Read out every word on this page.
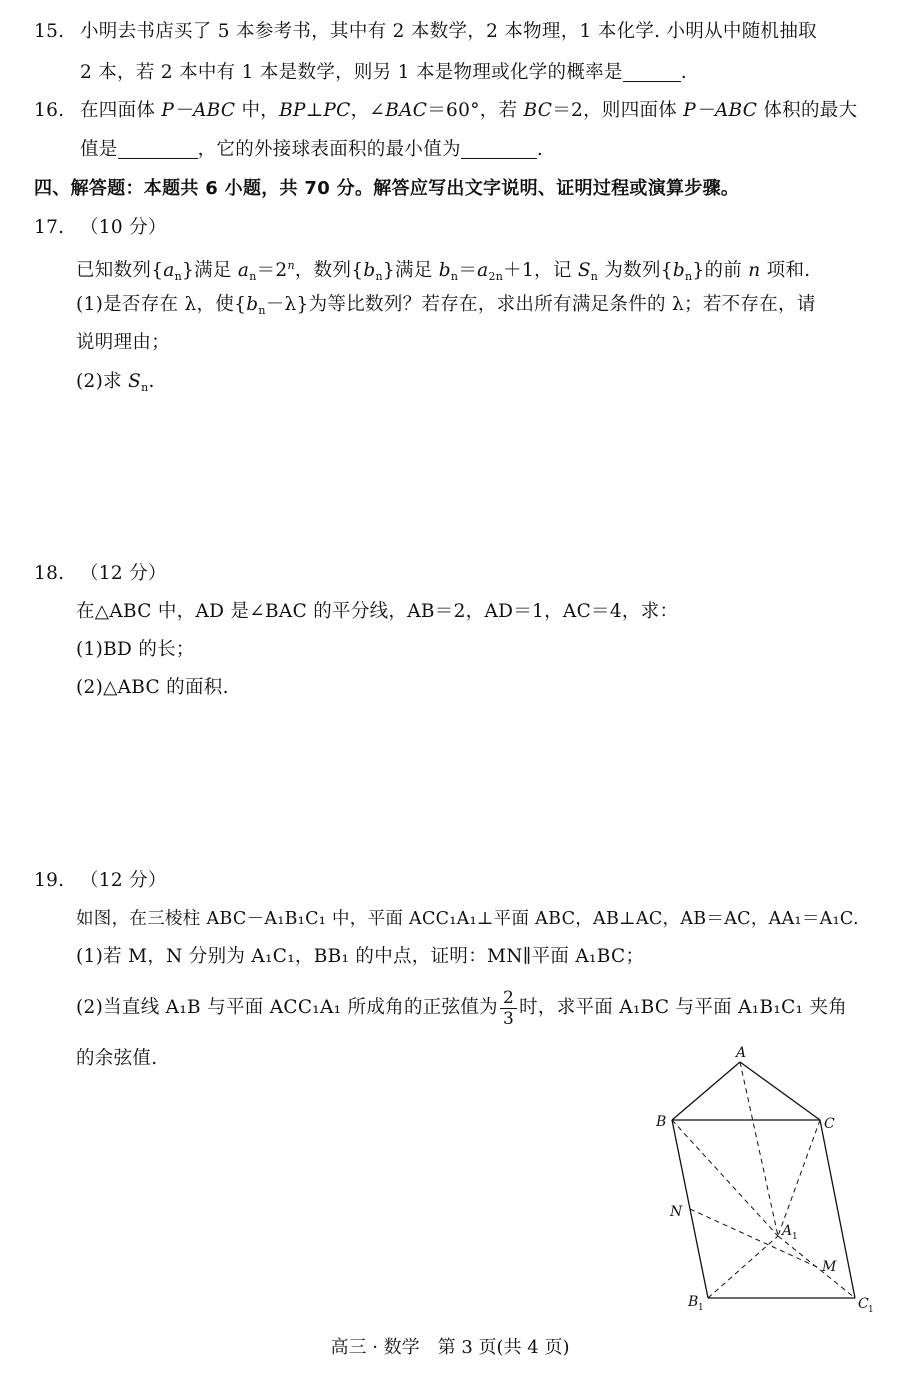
15. 小明去书店买了 5 本参考书，其中有 2 本数学，2 本物理，1 本化学. 小明从中随机抽取
2 本，若 2 本中有 1 本是数学，则另 1 本是物理或化学的概率是	.
16. 在四面体 P－ABC 中，BP⊥PC，∠BAC＝60°，若 BC＝2，则四面体 P－ABC 体积的最大
值是	，它的外接球表面积的最小值为	.
四、解答题：本题共 6 小题，共 70 分。解答应写出文字说明、证明过程或演算步骤。
17. （10 分）
已知数列$\{a_n\}$满足 $a_n=2^n$，数列$\{b_n\}$满足 $b_n=a_{2n}+1$，记 $S_n$ 为数列$\{b_n\}$的前 n 项和.
(1)是否存在 λ，使$\{b_n-\lambda\}$为等比数列？若存在，求出所有满足条件的 λ；若不存在，请
说明理由；
(2)求 $S_n$.
18. （12 分）
在△ABC 中，AD 是∠BAC 的平分线，AB＝2，AD＝1，AC＝4，求：
(1)BD 的长；
(2)△ABC 的面积.
19. （12 分）
如图，在三棱柱 ABC－A₁B₁C₁ 中，平面 ACC₁A₁⊥平面 ABC，AB⊥AC，AB＝AC，AA₁＝A₁C.
(1)若 M，N 分别为 A₁C₁，BB₁ 的中点，证明：MN∥平面 A₁BC；
(2)当直线 A₁B 与平面 ACC₁A₁ 所成角的正弦值为 $\frac{2}{3}$ 时，求平面 A₁BC 与平面 A₁B₁C₁ 夹角
的余弦值.	A
B	C
N
M
A 1
B 1	C 1
高三 · 数学　第 3 页(共 4 页)
